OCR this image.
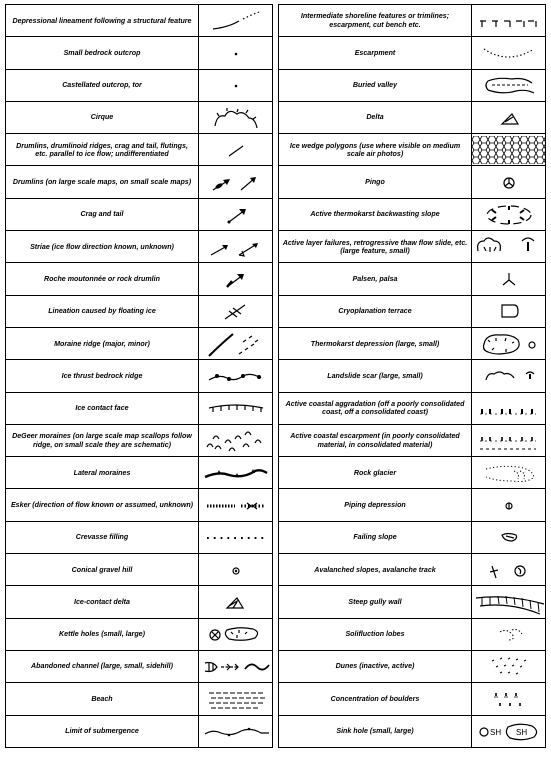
Depressional lineament following a structural feature	

Small bedrock outcrop	

Castellated outcrop, tor	

Cirque	

Drumlins, drumlinoid ridges, crag and tail, flutings, etc. parallel to ice flow; undifferentiated	

Drumlins (on large scale maps, on small scale maps)	

Crag and tail	

Striae (ice flow direction known, unknown)	

Roche moutonnée or rock drumlin	

Lineation caused by floating ice	

Moraine ridge (major, minor)	

Ice thrust bedrock ridge	

Ice contact face	

DeGeer moraines (on large scale map scallops follow ridge, on small scale they are schematic)	

Lateral moraines	

Esker (direction of flow known or assumed, unknown)	

Crevasse filling	

Conical gravel hill	

Ice-contact delta	

Kettle holes (small, large)	

Abandoned channel (large, small, sidehill)	

Beach	

Limit of submergence	
Intermediate shoreline features or trimlines; escarpment, cut bench etc.	

Escarpment	

Buried valley	

Delta	

Ice wedge polygons (use where visible on medium scale air photos)	

Pingo	

Active thermokarst backwasting slope	

Active layer failures, retrogressive thaw flow slide, etc. (large feature, small)	

Palsen, palsa	

Cryoplanation terrace	

Thermokarst depression (large, small)	

Landslide scar (large, small)	

Active coastal aggradation (off a poorly consolidated coast, off a consolidated coast)	

Active coastal escarpment (in poorly consolidated material, in consolidated material)	

Rock glacier	

Piping depression	

Failing slope	

Avalanched slopes, avalanche track	

Steep gully wall	

Solifluction lobes	

Dunes (inactive, active)	

Concentration of boulders	

Sink hole (small, large)	SH SH
